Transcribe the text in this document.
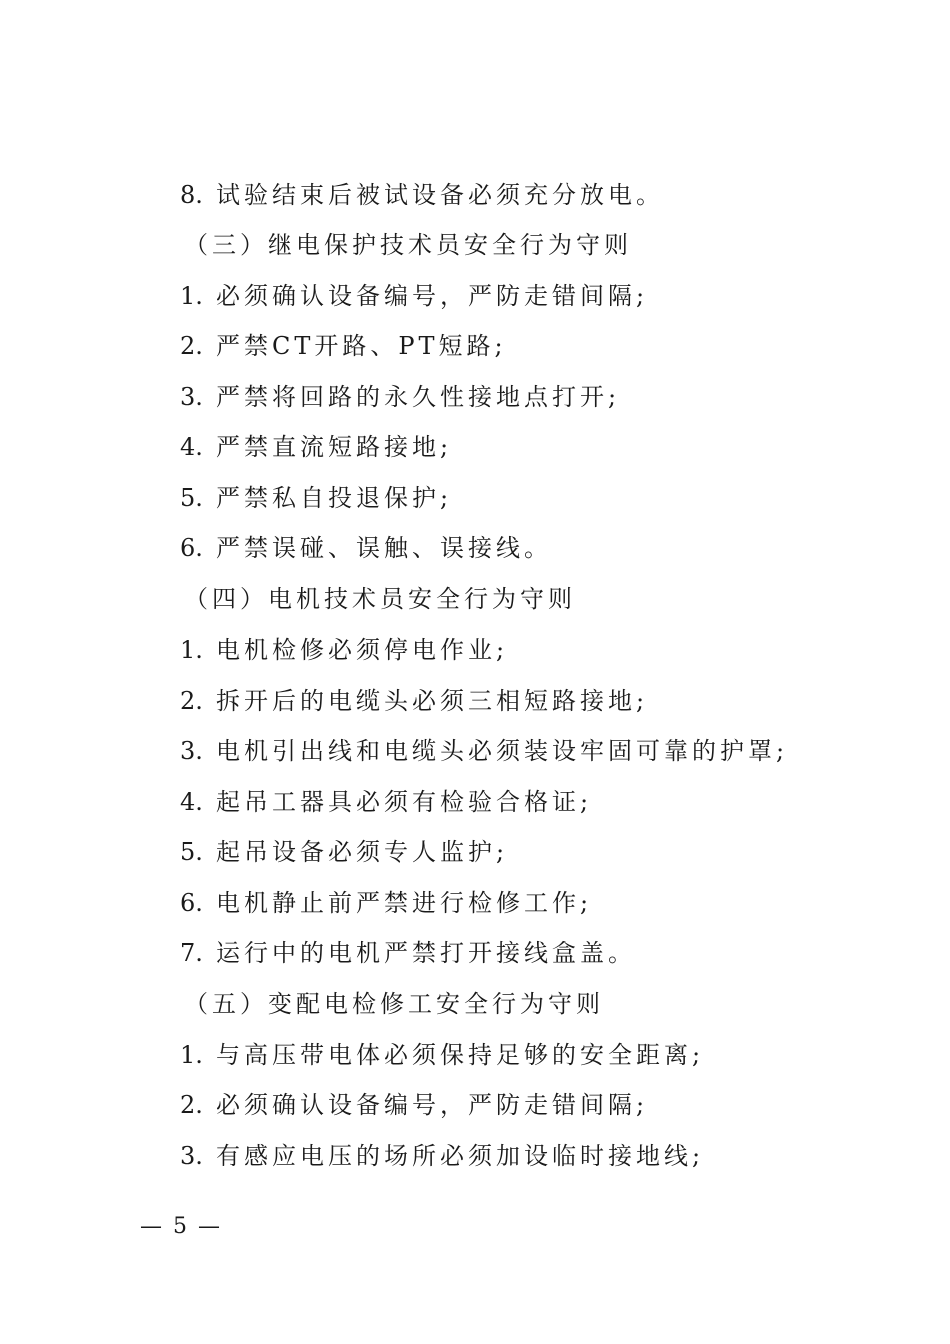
8. 试验结束后被试设备必须充分放电。
（三）继电保护技术员安全行为守则
1. 必须确认设备编号，严防走错间隔;
2. 严禁CT开路、PT短路;
3. 严禁将回路的永久性接地点打开;
4. 严禁直流短路接地;
5. 严禁私自投退保护;
6. 严禁误碰、误触、误接线。
（四）电机技术员安全行为守则
1. 电机检修必须停电作业;
2. 拆开后的电缆头必须三相短路接地;
3. 电机引出线和电缆头必须装设牢固可靠的护罩;
4. 起吊工器具必须有检验合格证;
5. 起吊设备必须专人监护;
6. 电机静止前严禁进行检修工作;
7. 运行中的电机严禁打开接线盒盖。
（五）变配电检修工安全行为守则
1. 与高压带电体必须保持足够的安全距离;
2. 必须确认设备编号，严防走错间隔;
3. 有感应电压的场所必须加设临时接地线;
— 5 —
